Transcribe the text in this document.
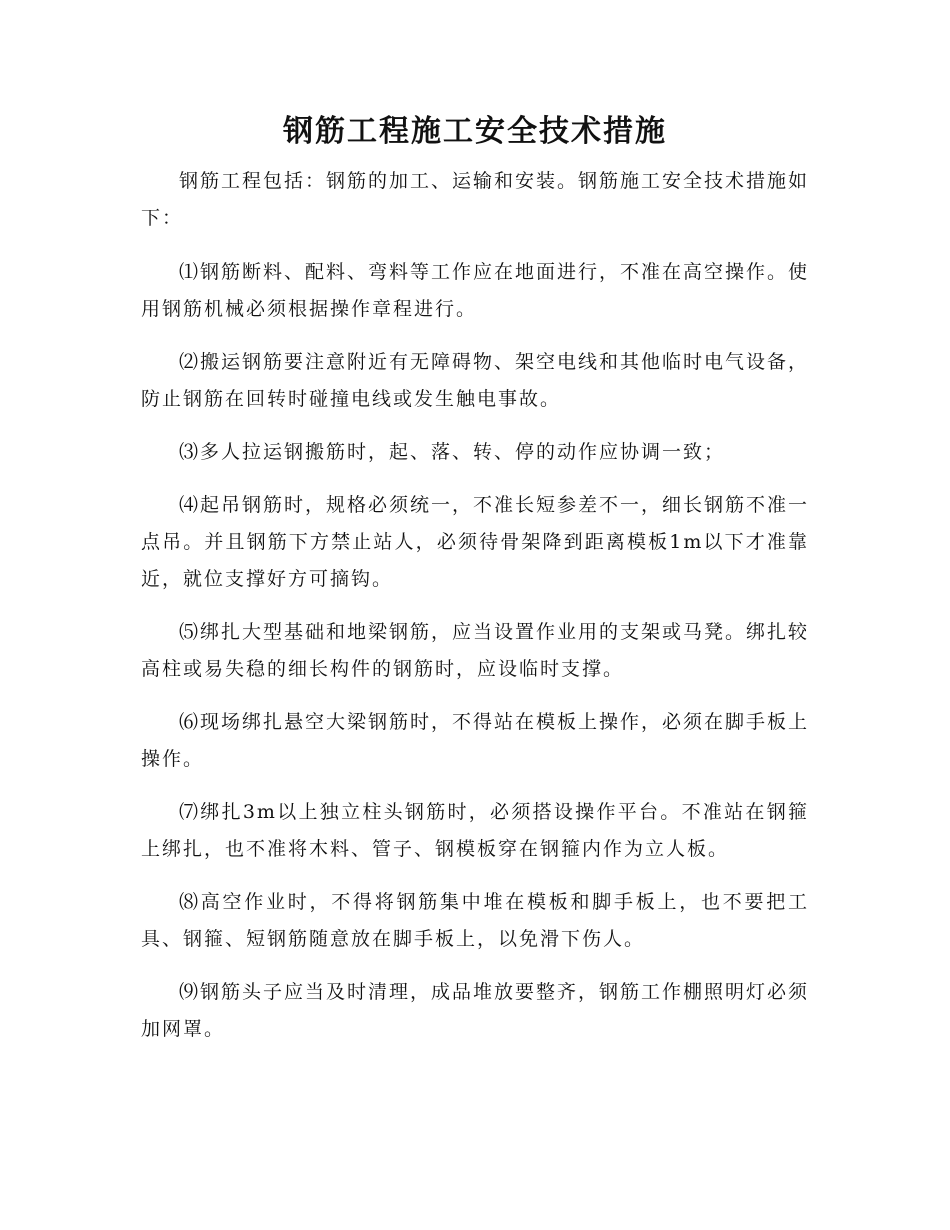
钢筋工程施工安全技术措施

钢筋工程包括：钢筋的加工、运输和安装。钢筋施工安全技术措施如下：

⑴钢筋断料、配料、弯料等工作应在地面进行，不准在高空操作。使用钢筋机械必须根据操作章程进行。

⑵搬运钢筋要注意附近有无障碍物、架空电线和其他临时电气设备，防止钢筋在回转时碰撞电线或发生触电事故。

⑶多人拉运钢搬筋时，起、落、转、停的动作应协调一致；

⑷起吊钢筋时，规格必须统一，不准长短参差不一，细长钢筋不准一点吊。并且钢筋下方禁止站人，必须待骨架降到距离模板1m以下才准靠近，就位支撑好方可摘钩。

⑸绑扎大型基础和地梁钢筋，应当设置作业用的支架或马凳。绑扎较高柱或易失稳的细长构件的钢筋时，应设临时支撑。

⑹现场绑扎悬空大梁钢筋时，不得站在模板上操作，必须在脚手板上操作。

⑺绑扎3m以上独立柱头钢筋时，必须搭设操作平台。不准站在钢箍上绑扎，也不准将木料、管子、钢模板穿在钢箍内作为立人板。

⑻高空作业时，不得将钢筋集中堆在模板和脚手板上，也不要把工具、钢箍、短钢筋随意放在脚手板上，以免滑下伤人。

⑼钢筋头子应当及时清理，成品堆放要整齐，钢筋工作棚照明灯必须加网罩。
